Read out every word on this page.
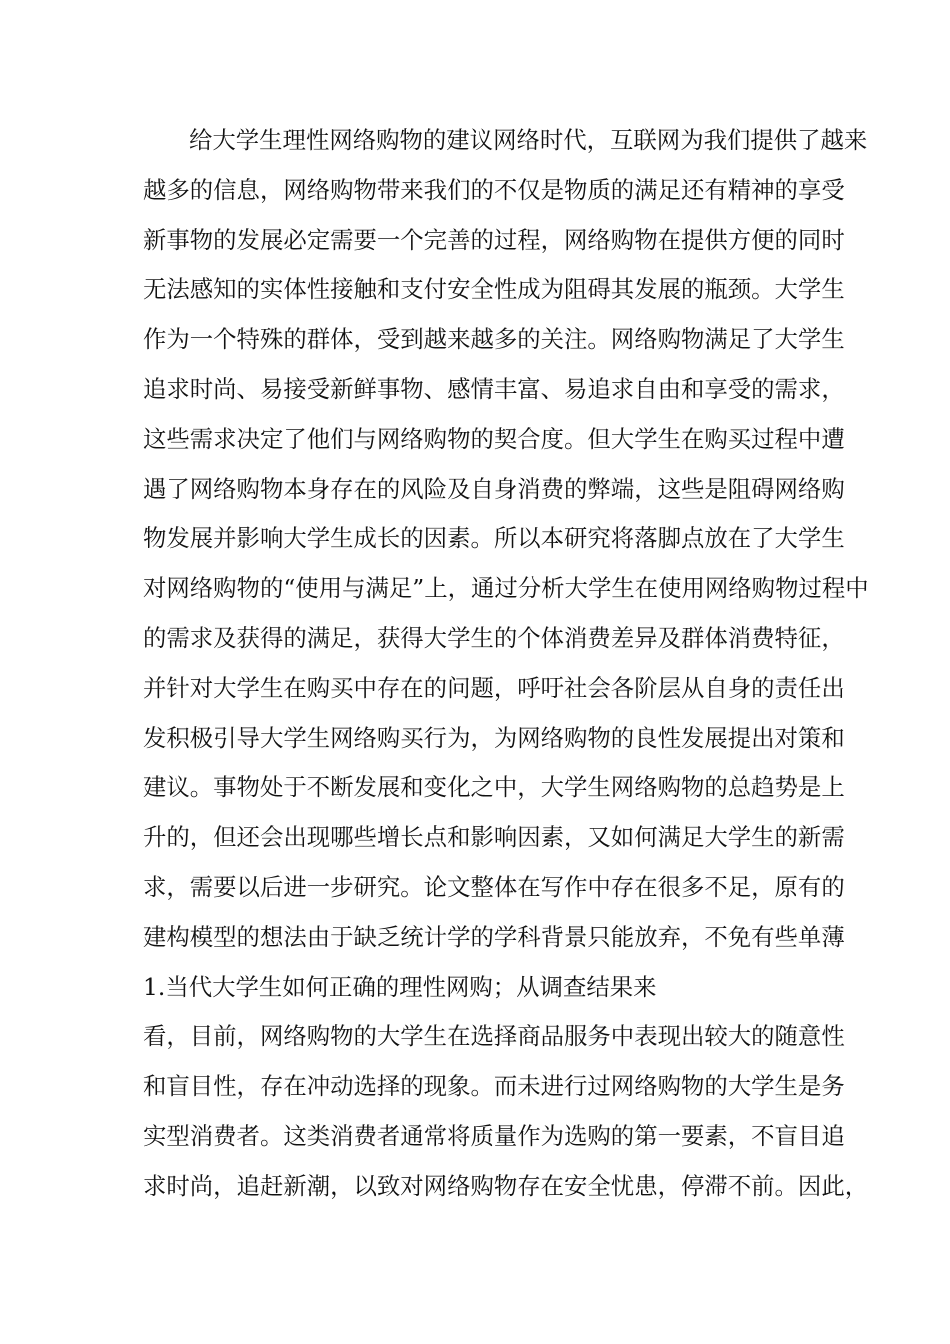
给大学生理性网络购物的建议网络时代，互联网为我们提供了越来
越多的信息，网络购物带来我们的不仅是物质的满足还有精神的享受
新事物的发展必定需要一个完善的过程，网络购物在提供方便的同时
无法感知的实体性接触和支付安全性成为阻碍其发展的瓶颈。大学生
作为一个特殊的群体，受到越来越多的关注。网络购物满足了大学生
追求时尚、易接受新鲜事物、感情丰富、易追求自由和享受的需求，
这些需求决定了他们与网络购物的契合度。但大学生在购买过程中遭
遇了网络购物本身存在的风险及自身消费的弊端，这些是阻碍网络购
物发展并影响大学生成长的因素。所以本研究将落脚点放在了大学生
对网络购物的“使用与满足”上，通过分析大学生在使用网络购物过程中
的需求及获得的满足，获得大学生的个体消费差异及群体消费特征，
并针对大学生在购买中存在的问题，呼吁社会各阶层从自身的责任出
发积极引导大学生网络购买行为，为网络购物的良性发展提出对策和
建议。事物处于不断发展和变化之中，大学生网络购物的总趋势是上
升的，但还会出现哪些增长点和影响因素，又如何满足大学生的新需
求，需要以后进一步研究。论文整体在写作中存在很多不足，原有的
建构模型的想法由于缺乏统计学的学科背景只能放弃，不免有些单薄
1.当代大学生如何正确的理性网购；从调查结果来
看，目前，网络购物的大学生在选择商品服务中表现出较大的随意性
和盲目性，存在冲动选择的现象。而未进行过网络购物的大学生是务
实型消费者。这类消费者通常将质量作为选购的第一要素，不盲目追
求时尚，追赶新潮，以致对网络购物存在安全忧患，停滞不前。因此，
